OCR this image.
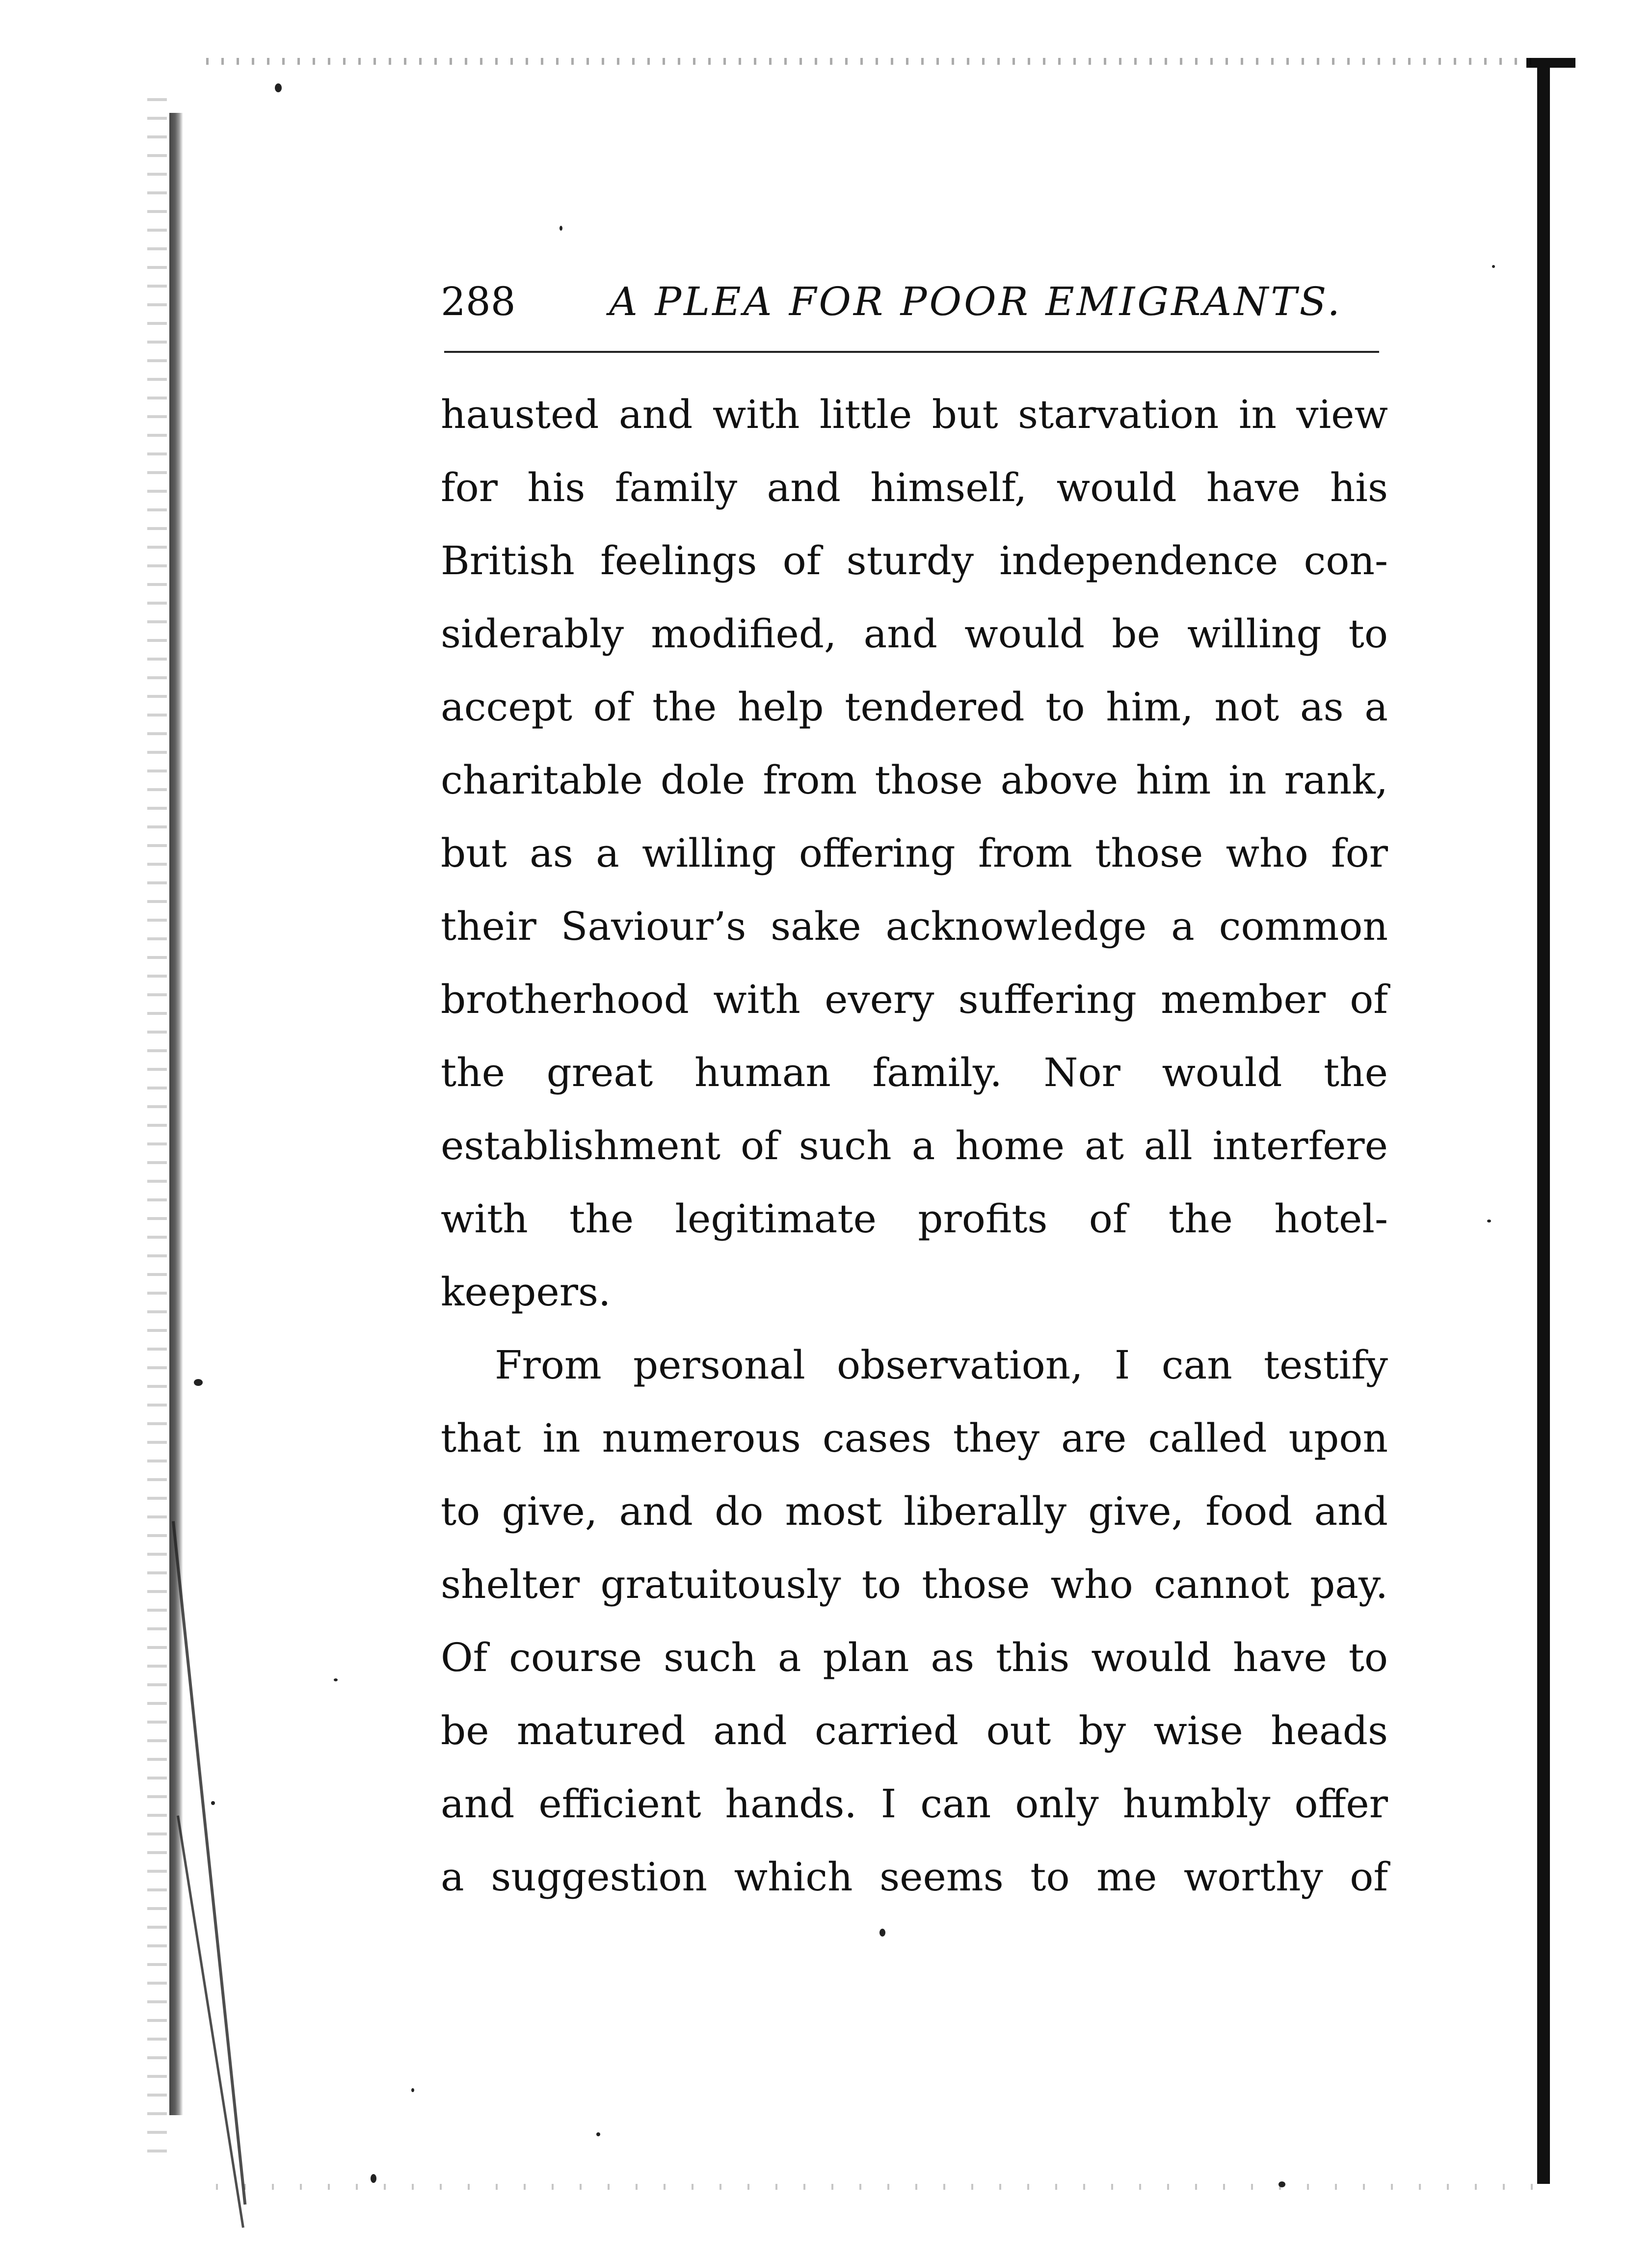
288 A PLEA FOR POOR EMIGRANTS.
hausted and with little but starvation in view
for his family and himself, would have his
British feelings of sturdy independence con-
siderably modified, and would be willing to
accept of the help tendered to him, not as a
charitable dole from those above him in rank,
but as a willing offering from those who for
their Saviour’s sake acknowledge a common
brotherhood with every suffering member of
the great human family. Nor would the
establishment of such a home at all interfere
with the legitimate profits of the hotel-
keepers.
From personal observation, I can testify
that in numerous cases they are called upon
to give, and do most liberally give, food and
shelter gratuitously to those who cannot pay.
Of course such a plan as this would have to
be matured and carried out by wise heads
and efficient hands. I can only humbly offer
a suggestion which seems to me worthy of
